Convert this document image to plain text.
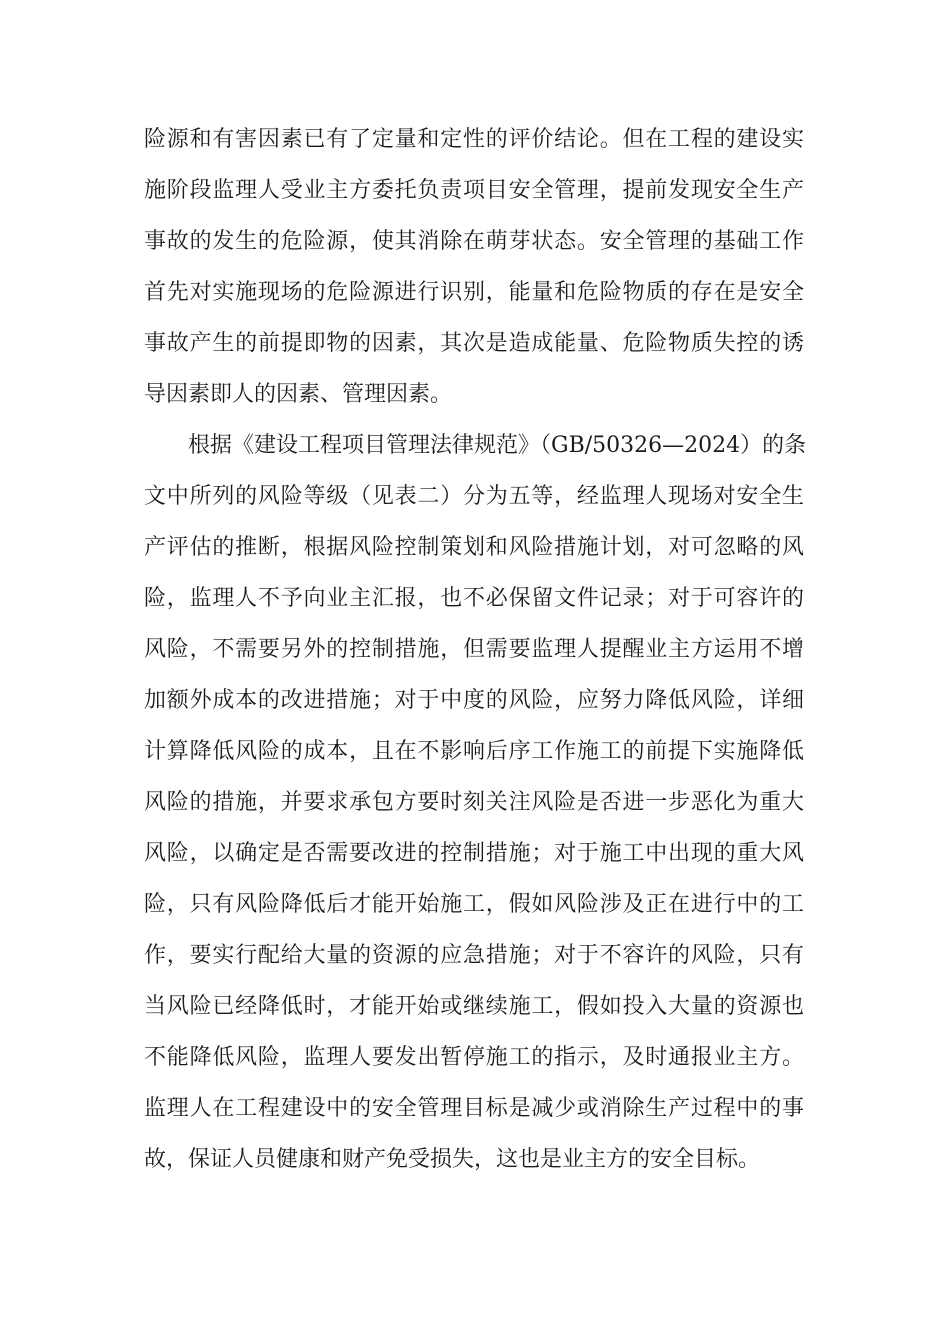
险源和有害因素已有了定量和定性的评价结论。但在工程的建设实
施阶段监理人受业主方委托负责项目安全管理，提前发现安全生产
事故的发生的危险源，使其消除在萌芽状态。安全管理的基础工作
首先对实施现场的危险源进行识别，能量和危险物质的存在是安全
事故产生的前提即物的因素，其次是造成能量、危险物质失控的诱
导因素即人的因素、管理因素。
根据《建设工程项目管理法律规范》（GB/50326—2024）的条
文中所列的风险等级（见表二）分为五等，经监理人现场对安全生
产评估的推断，根据风险控制策划和风险措施计划，对可忽略的风
险，监理人不予向业主汇报，也不必保留文件记录；对于可容许的
风险，不需要另外的控制措施，但需要监理人提醒业主方运用不增
加额外成本的改进措施；对于中度的风险，应努力降低风险，详细
计算降低风险的成本，且在不影响后序工作施工的前提下实施降低
风险的措施，并要求承包方要时刻关注风险是否进一步恶化为重大
风险，以确定是否需要改进的控制措施；对于施工中出现的重大风
险，只有风险降低后才能开始施工，假如风险涉及正在进行中的工
作，要实行配给大量的资源的应急措施；对于不容许的风险，只有
当风险已经降低时，才能开始或继续施工，假如投入大量的资源也
不能降低风险，监理人要发出暂停施工的指示，及时通报业主方。
监理人在工程建设中的安全管理目标是减少或消除生产过程中的事
故，保证人员健康和财产免受损失，这也是业主方的安全目标。
